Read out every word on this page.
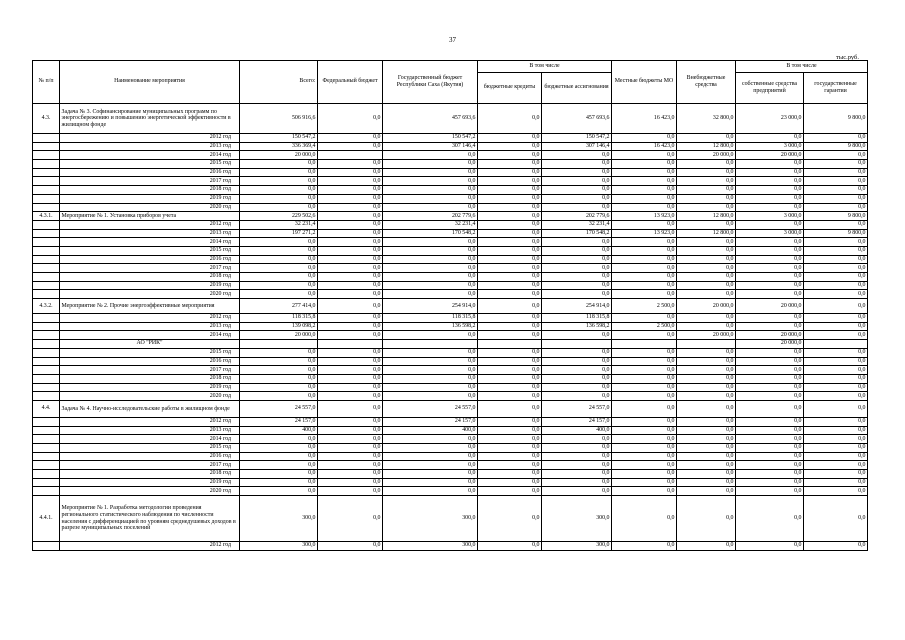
37
тыс.руб.
№ п/п	Наименование мероприятия	Всего:	Федеральный бюджет	Государственный бюджет Республики Саха (Якутия)	В том числе		Местные бюджеты МО	Внебюджетные средства	В том числе	
					бюджетные кредиты	бюджетные ассигнования			собственные средства предприятий	государственные гарантии
4.3.	Задача № 3. Софинансирование муниципальных программ по энергосбережению и повышению энергетической эффективности в жилищном фонде	506 916,6	0,0	457 693,6	0,0	457 693,6	16 423,0	32 800,0	23 000,0	9 800,0
	2012 год	150 547,2	0,0	150 547,2	0,0	150 547,2	0,0	0,0	0,0	0,0
	2013 год	336 369,4	0,0	307 146,4	0,0	307 146,4	16 423,0	12 800,0	3 000,0	9 800,0
	2014 год	20 000,0		0,0	0,0	0,0	0,0	20 000,0	20 000,0	0,0
	2015 год	0,0	0,0	0,0	0,0	0,0	0,0	0,0	0,0	0,0
	2016 год	0,0	0,0	0,0	0,0	0,0	0,0	0,0	0,0	0,0
	2017 год	0,0	0,0	0,0	0,0	0,0	0,0	0,0	0,0	0,0
	2018 год	0,0	0,0	0,0	0,0	0,0	0,0	0,0	0,0	0,0
	2019 год	0,0	0,0	0,0	0,0	0,0	0,0	0,0	0,0	0,0
	2020 год	0,0	0,0	0,0	0,0	0,0	0,0	0,0	0,0	0,0
4.3.1.	Мероприятие № 1. Установка приборов учета	229 502,6	0,0	202 779,6	0,0	202 779,6	13 923,0	12 800,0	3 000,0	9 800,0
	2012 год	32 231,4	0,0	32 231,4	0,0	32 231,4	0,0	0,0	0,0	0,0
	2013 год	197 271,2	0,0	170 548,2	0,0	170 548,2	13 923,0	12 800,0	3 000,0	9 800,0
	2014 год	0,0	0,0	0,0	0,0	0,0	0,0	0,0	0,0	0,0
	2015 год	0,0	0,0	0,0	0,0	0,0	0,0	0,0	0,0	0,0
	2016 год	0,0	0,0	0,0	0,0	0,0	0,0	0,0	0,0	0,0
	2017 год	0,0	0,0	0,0	0,0	0,0	0,0	0,0	0,0	0,0
	2018 год	0,0	0,0	0,0	0,0	0,0	0,0	0,0	0,0	0,0
	2019 год	0,0	0,0	0,0	0,0	0,0	0,0	0,0	0,0	0,0
	2020 год	0,0	0,0	0,0	0,0	0,0	0,0	0,0	0,0	0,0
4.3.2.	Мероприятие № 2. Прочие энергоэффективные мероприятия	277 414,0	0,0	254 914,0	0,0	254 914,0	2 500,0	20 000,0	20 000,0	0,0
	2012 год	118 315,8	0,0	118 315,8	0,0	118 315,8	0,0	0,0	0,0	0,0
	2013 год	139 098,2	0,0	136 598,2	0,0	136 598,2	2 500,0	0,0	0,0	0,0
	2014 год	20 000,0	0,0	0,0	0,0	0,0	0,0	20 000,0	20 000,0	0,0
	АО "РИК"								20 000,0	
	2015 год	0,0	0,0	0,0	0,0	0,0	0,0	0,0	0,0	0,0
	2016 год	0,0	0,0	0,0	0,0	0,0	0,0	0,0	0,0	0,0
	2017 год	0,0	0,0	0,0	0,0	0,0	0,0	0,0	0,0	0,0
	2018 год	0,0	0,0	0,0	0,0	0,0	0,0	0,0	0,0	0,0
	2019 год	0,0	0,0	0,0	0,0	0,0	0,0	0,0	0,0	0,0
	2020 год	0,0	0,0	0,0	0,0	0,0	0,0	0,0	0,0	0,0
4.4.	Задача № 4. Научно-исследовательские работы в жилищном фонде	24 557,0	0,0	24 557,0	0,0	24 557,0	0,0	0,0	0,0	0,0
	2012 год	24 157,0	0,0	24 157,0	0,0	24 157,0	0,0	0,0	0,0	0,0
	2013 год	400,0	0,0	400,0	0,0	400,0	0,0	0,0	0,0	0,0
	2014 год	0,0	0,0	0,0	0,0	0,0	0,0	0,0	0,0	0,0
	2015 год	0,0	0,0	0,0	0,0	0,0	0,0	0,0	0,0	0,0
	2016 год	0,0	0,0	0,0	0,0	0,0	0,0	0,0	0,0	0,0
	2017 год	0,0	0,0	0,0	0,0	0,0	0,0	0,0	0,0	0,0
	2018 год	0,0	0,0	0,0	0,0	0,0	0,0	0,0	0,0	0,0
	2019 год	0,0	0,0	0,0	0,0	0,0	0,0	0,0	0,0	0,0
	2020 год	0,0	0,0	0,0	0,0	0,0	0,0	0,0	0,0	0,0
4.4.1.	Мероприятие № 1. Разработка методологии проведения регионального статистического наблюдения по численности населения с дифференциацией по уровням среднедушевых доходов в разрезе муниципальных поселений	300,0	0,0	300,0	0,0	300,0	0,0	0,0	0,0	0,0
	2012 год	300,0	0,0	300,0	0,0	300,0	0,0	0,0	0,0	0,0
